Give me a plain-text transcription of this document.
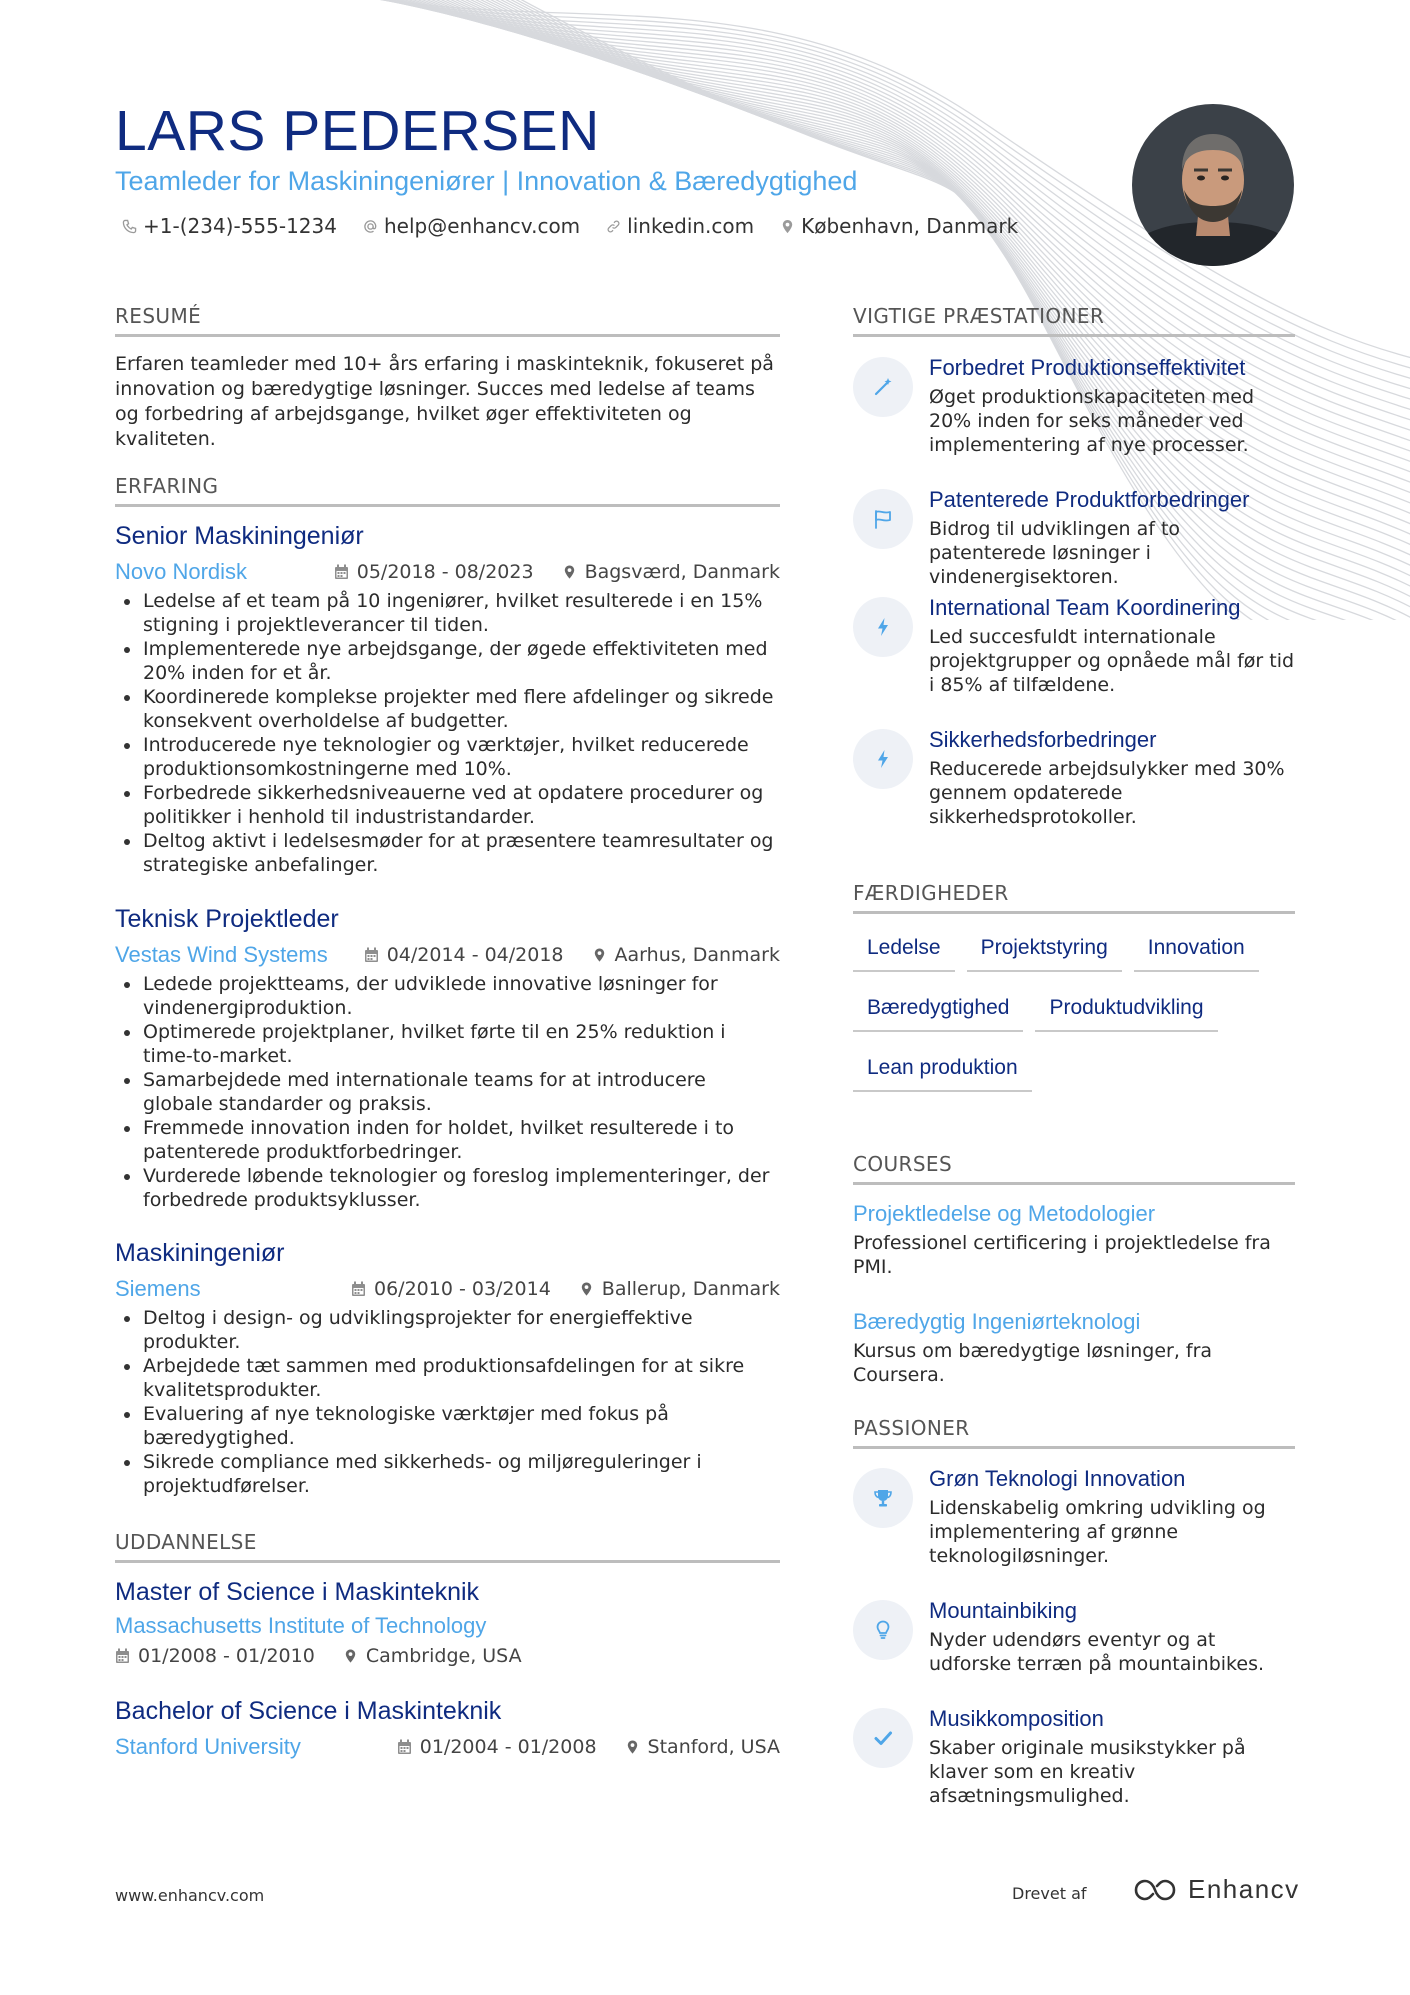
LARS PEDERSEN
Teamleder for Maskiningeniører | Innovation & Bæredygtighed
+1-(234)-555-1234 help@enhancv.com linkedin.com København, Danmark
RESUMÉ
Erfaren teamleder med 10+ års erfaring i maskinteknik, fokuseret på innovation og bæredygtige løsninger. Succes med ledelse af teams og forbedring af arbejdsgange, hvilket øger effektiviteten og kvaliteten.
ERFARING
Senior Maskiningeniør
Novo Nordisk	05/2018 - 08/2023	Bagsværd, Danmark
Ledelse af et team på 10 ingeniører, hvilket resulterede i en 15% stigning i projektleverancer til tiden.
Implementerede nye arbejdsgange, der øgede effektiviteten med 20% inden for et år.
Koordinerede komplekse projekter med flere afdelinger og sikrede konsekvent overholdelse af budgetter.
Introducerede nye teknologier og værktøjer, hvilket reducerede produktionsomkostningerne med 10%.
Forbedrede sikkerhedsniveauerne ved at opdatere procedurer og politikker i henhold til industristandarder.
Deltog aktivt i ledelsesmøder for at præsentere teamresultater og strategiske anbefalinger.
Teknisk Projektleder
Vestas Wind Systems	04/2014 - 04/2018	Aarhus, Danmark
Ledede projektteams, der udviklede innovative løsninger for vindenergiproduktion.
Optimerede projektplaner, hvilket førte til en 25% reduktion i time-to-market.
Samarbejdede med internationale teams for at introducere globale standarder og praksis.
Fremmede innovation inden for holdet, hvilket resulterede i to patenterede produktforbedringer.
Vurderede løbende teknologier og foreslog implementeringer, der forbedrede produktsyklusser.
Maskiningeniør
Siemens	06/2010 - 03/2014	Ballerup, Danmark
Deltog i design- og udviklingsprojekter for energieffektive produkter.
Arbejdede tæt sammen med produktionsafdelingen for at sikre kvalitetsprodukter.
Evaluering af nye teknologiske værktøjer med fokus på bæredygtighed.
Sikrede compliance med sikkerheds- og miljøreguleringer i projektudførelser.
UDDANNELSE
Master of Science i Maskinteknik
Massachusetts Institute of Technology
01/2008 - 01/2010	Cambridge, USA
Bachelor of Science i Maskinteknik
Stanford University	01/2004 - 01/2008	Stanford, USA
VIGTIGE PRÆSTATIONER
Forbedret Produktionseffektivitet
Øget produktionskapaciteten med 20% inden for seks måneder ved implementering af nye processer.
Patenterede Produktforbedringer
Bidrog til udviklingen af to patenterede løsninger i vindenergisektoren.
International Team Koordinering
Led succesfuldt internationale projektgrupper og opnåede mål før tid i 85% af tilfældene.
Sikkerhedsforbedringer
Reducerede arbejdsulykker med 30% gennem opdaterede sikkerhedsprotokoller.
FÆRDIGHEDER
Ledelse	Projektstyring	Innovation
Bæredygtighed	Produktudvikling
Lean produktion
COURSES
Projektledelse og Metodologier
Professionel certificering i projektledelse fra PMI.
Bæredygtig Ingeniørteknologi
Kursus om bæredygtige løsninger, fra Coursera.
PASSIONER
Grøn Teknologi Innovation
Lidenskabelig omkring udvikling og implementering af grønne teknologiløsninger.
Mountainbiking
Nyder udendørs eventyr og at udforske terræn på mountainbikes.
Musikkomposition
Skaber originale musikstykker på klaver som en kreativ afsætningsmulighed.
www.enhancv.com	Drevet af	Enhancv
